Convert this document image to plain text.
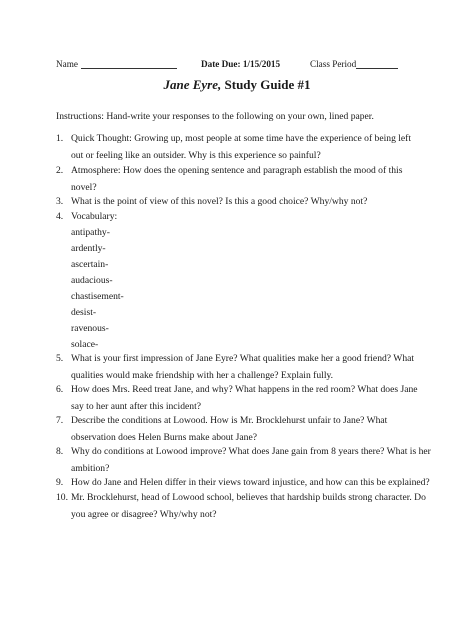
Name	Date Due: 1/15/2015	Class Period
Jane Eyre, Study Guide #1
Instructions: Hand-write your responses to the following on your own, lined paper.
1. Quick Thought: Growing up, most people at some time have the experience of being left
out or feeling like an outsider. Why is this experience so painful?
2. Atmosphere: How does the opening sentence and paragraph establish the mood of this
novel?
3. What is the point of view of this novel? Is this a good choice? Why/why not?
4. Vocabulary:
antipathy-
ardently-
ascertain-
audacious-
chastisement-
desist-
ravenous-
solace-
5. What is your first impression of Jane Eyre? What qualities make her a good friend? What
qualities would make friendship with her a challenge? Explain fully.
6. How does Mrs. Reed treat Jane, and why? What happens in the red room? What does Jane
say to her aunt after this incident?
7. Describe the conditions at Lowood. How is Mr. Brocklehurst unfair to Jane? What
observation does Helen Burns make about Jane?
8. Why do conditions at Lowood improve? What does Jane gain from 8 years there? What is her
ambition?
9. How do Jane and Helen differ in their views toward injustice, and how can this be explained?
10. Mr. Brocklehurst, head of Lowood school, believes that hardship builds strong character. Do
you agree or disagree? Why/why not?
